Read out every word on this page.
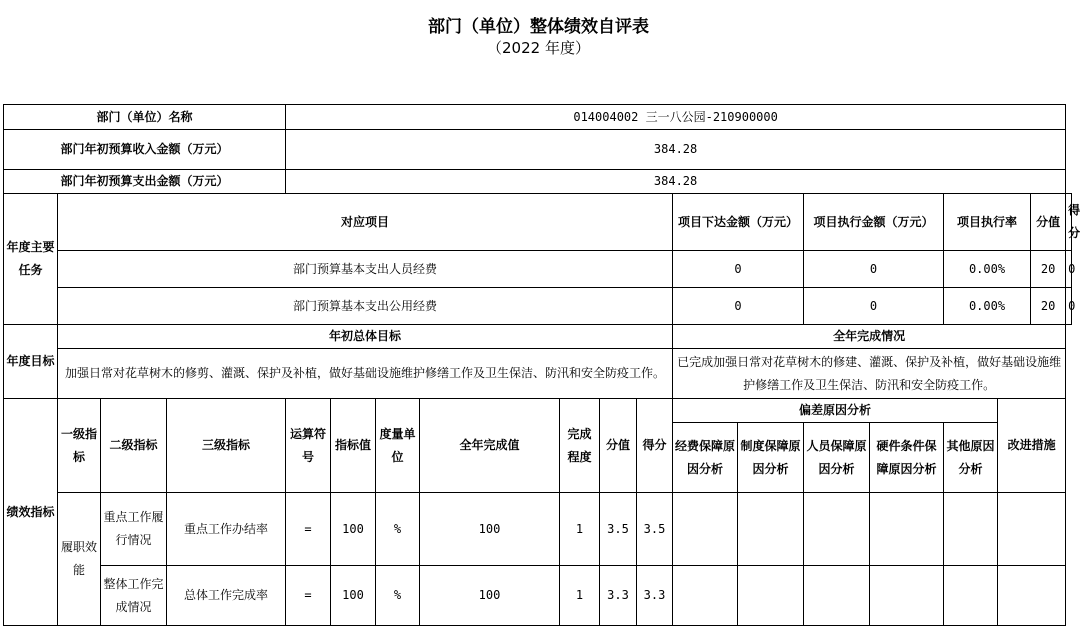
部门（单位）整体绩效自评表
（2022 年度）
部门（单位）名称				014004002 三一八公园-210900000														
部门年初预算收入金额（万元）				384.28														
部门年初预算支出金额（万元）				384.28														
年度主要任务	对应项目										项目下达金额（万元）		项目执行金额（万元）		项目执行率		分值	得分
	部门预算基本支出人员经费										0		0		0.00%		20	0
	部门预算基本支出公用经费										0		0		0.00%		20	0
年度目标	年初总体目标										全年完成情况							
	加强日常对花草树木的修剪、灌溉、保护及补植，做好基础设施维护修缮工作及卫生保洁、防汛和安全防疫工作。										已完成加强日常对花草树木的修建、灌溉、保护及补植，做好基础设施维护修缮工作及卫生保洁、防汛和安全防疫工作。							
绩效指标	一级指标	二级指标	三级指标	运算符号	指标值	度量单位	全年完成值	完成程度	分值	得分	偏差原因分析					改进措施		
											经费保障原因分析	制度保障原因分析	人员保障原因分析	硬件条件保障原因分析	其他原因分析			
	履职效能	重点工作履行情况	重点工作办结率	=	100	%	100	1	3.5	3.5								
		整体工作完成情况	总体工作完成率	=	100	%	100	1	3.3	3.3								
